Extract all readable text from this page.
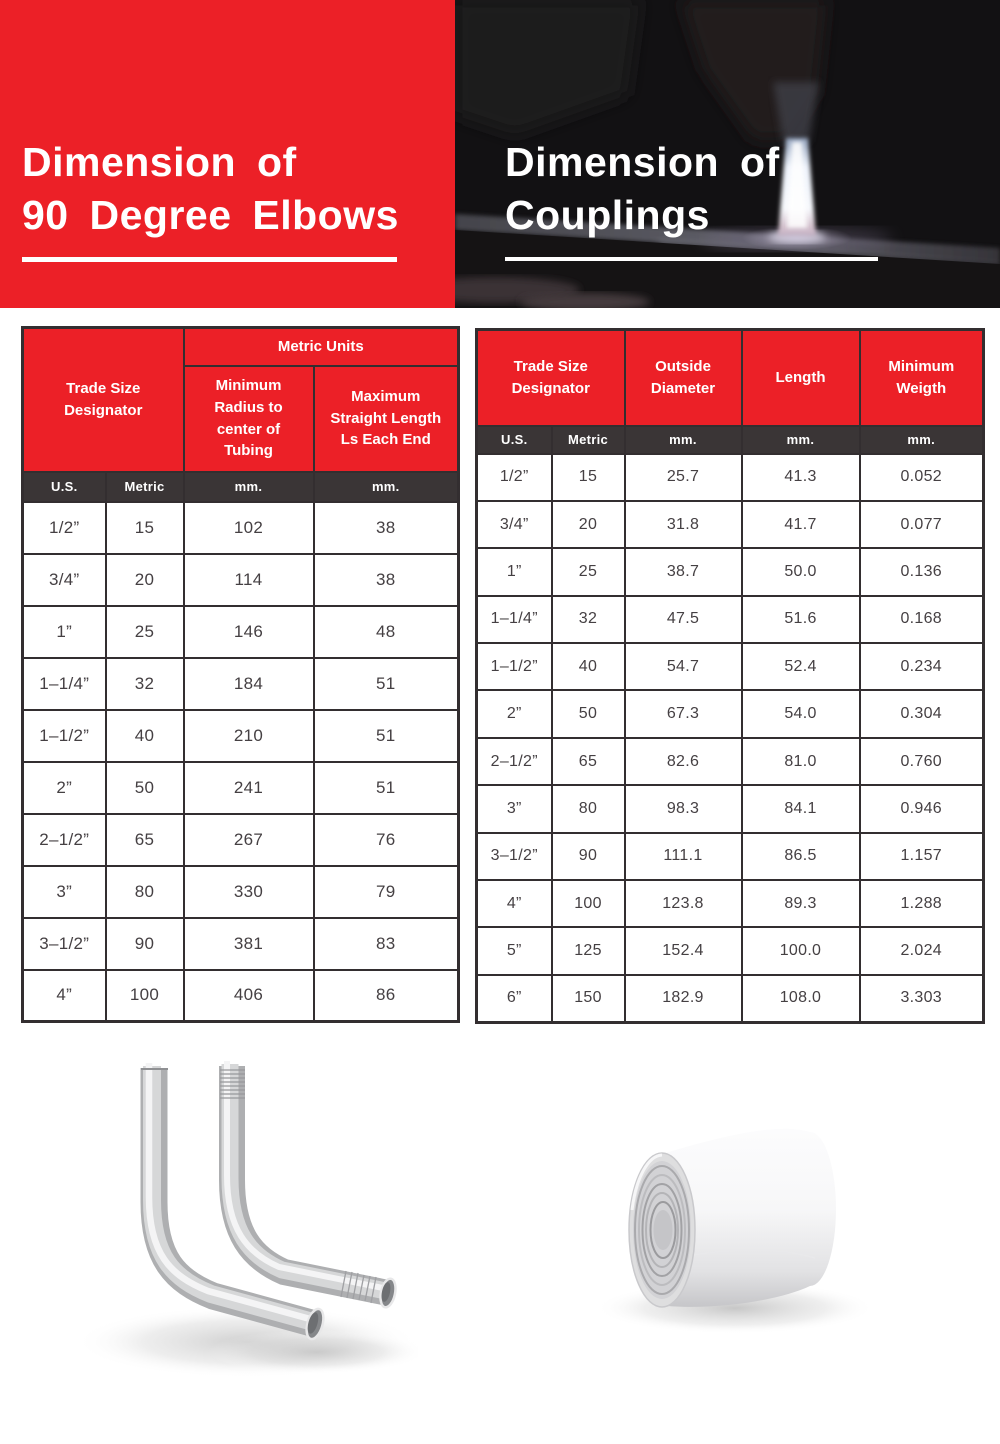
Dimension of
90 Degree Elbows
Dimension of
Couplings
Trade Size Designator		Metric Units	
		Minimum Radius to center of Tubing	Maximum Straight Length Ls Each End
U.S.	Metric	mm.	mm.
1/2”	15	102	38
3/4”	20	114	38
1”	25	146	48
1–1/4”	32	184	51
1–1/2”	40	210	51
2”	50	241	51
2–1/2”	65	267	76
3”	80	330	79
3–1/2”	90	381	83
4”	100	406	86
Trade Size Designator		Outside Diameter	Length	Minimum Weigth
U.S.	Metric	mm.	mm.	mm.
1/2”	15	25.7	41.3	0.052
3/4”	20	31.8	41.7	0.077
1”	25	38.7	50.0	0.136
1–1/4”	32	47.5	51.6	0.168
1–1/2”	40	54.7	52.4	0.234
2”	50	67.3	54.0	0.304
2–1/2”	65	82.6	81.0	0.760
3”	80	98.3	84.1	0.946
3–1/2”	90	111.1	86.5	1.157
4”	100	123.8	89.3	1.288
5”	125	152.4	100.0	2.024
6”	150	182.9	108.0	3.303
